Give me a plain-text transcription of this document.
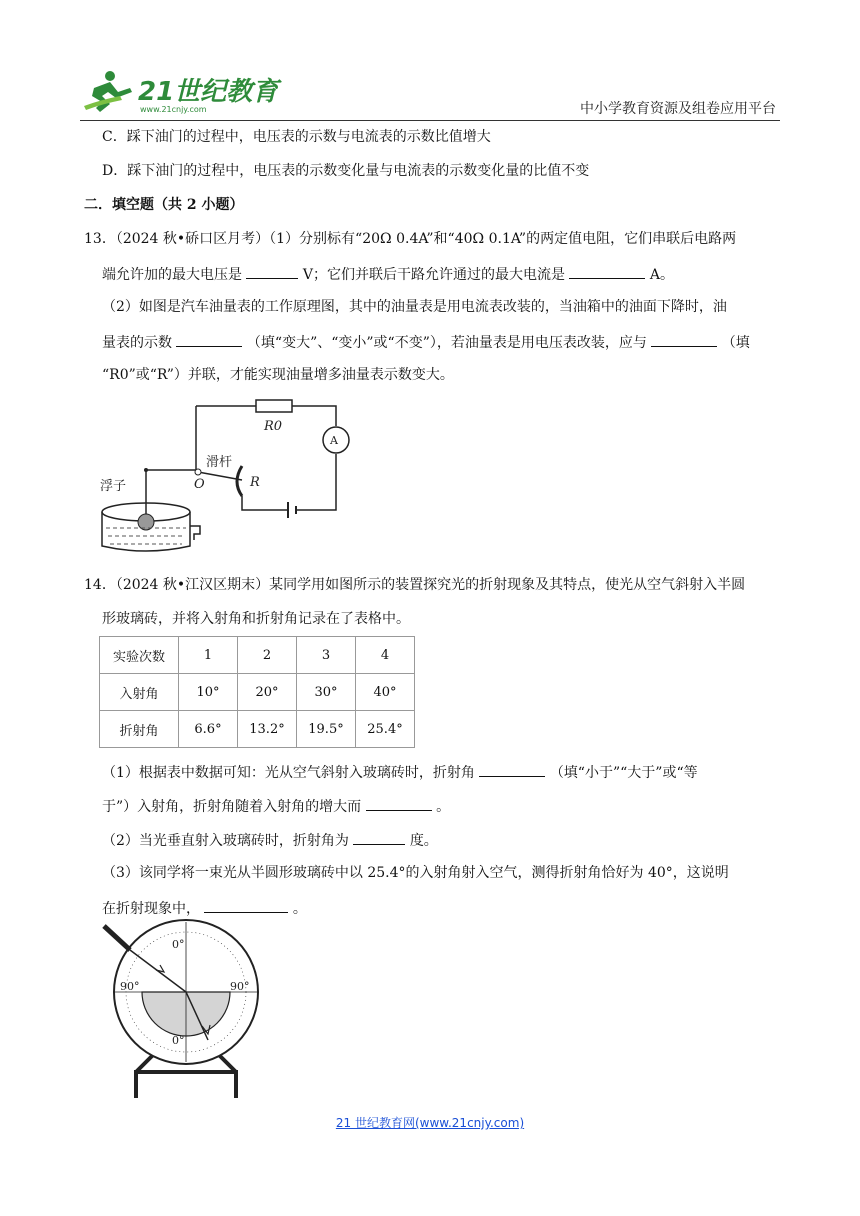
21世纪教育
www.21cnjy.com	中小学教育资源及组卷应用平台
C．踩下油门的过程中，电压表的示数与电流表的示数比值增大
D．踩下油门的过程中，电压表的示数变化量与电流表的示数变化量的比值不变
二．填空题（共 2 小题）
13．（2024 秋•硚口区月考）（1）分别标有“20Ω 0.4A”和“40Ω 0.1A”的两定值电阻，它们串联后电路两
端允许加的最大电压是	V；它们并联后干路允许通过的最大电流是	A。
（2）如图是汽车油量表的工作原理图，其中的油量表是用电流表改装的，当油箱中的油面下降时，油
量表的示数	（填“变大”、“变小”或“不变”），若油量表是用电压表改装，应与	（填
“R0”或“R”）并联，才能实现油量增多油量表示数变大。
A
R0
滑杆
O	R
浮子
14．（2024 秋•江汉区期末）某同学用如图所示的装置探究光的折射现象及其特点，使光从空气斜射入半圆
形玻璃砖，并将入射角和折射角记录在了表格中。
实验次数	1	2	3	4
入射角	10°	20°	30°	40°
折射角	6.6°	13.2°	19.5°	25.4°
（1）根据表中数据可知：光从空气斜射入玻璃砖时，折射角	（填“小于”“大于”或“等
于”）入射角，折射角随着入射角的增大而	。
（2）当光垂直射入玻璃砖时，折射角为	度。
（3）该同学将一束光从半圆形玻璃砖中以 25.4°的入射角射入空气，测得折射角恰好为 40°，这说明
在折射现象中，	。
0°
0°
90°	90°
21 世纪教育网(www.21cnjy.com)
